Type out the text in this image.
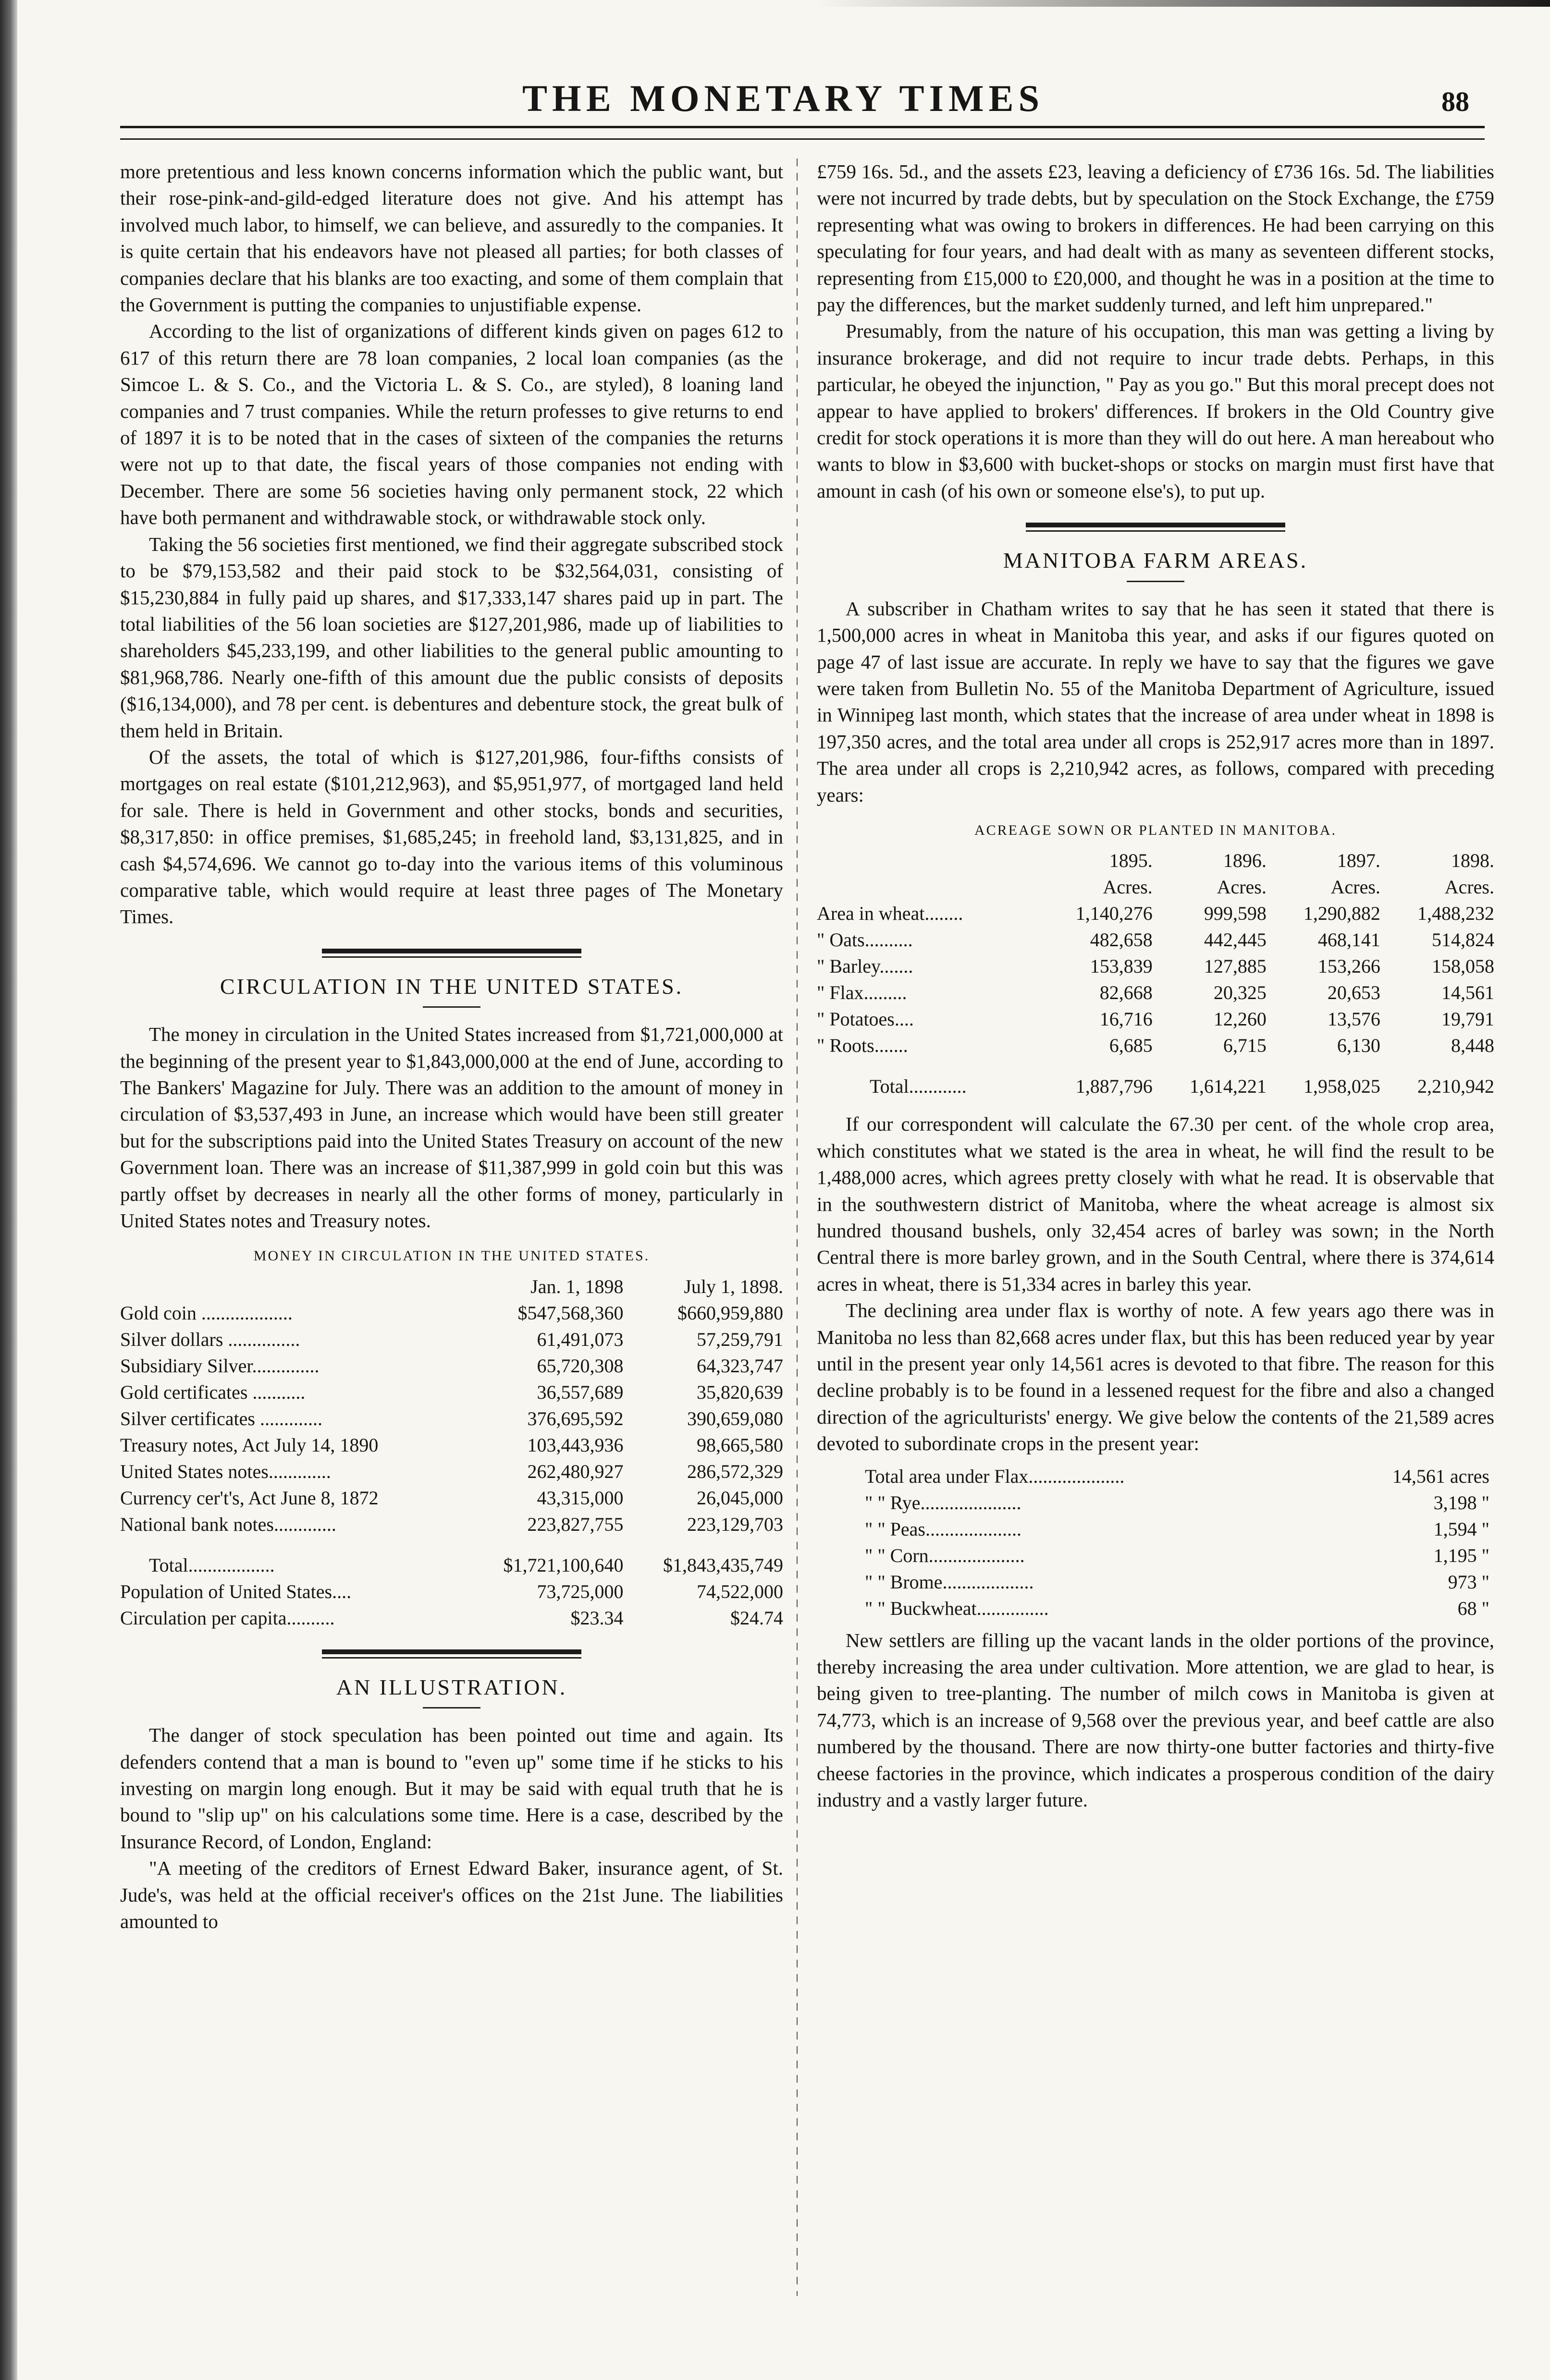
THE MONETARY TIMES	88

more pretentious and less known concerns information which the public want, but their rose-pink-and-gild-edged literature does not give. And his attempt has involved much labor, to himself, we can believe, and assuredly to the companies. It is quite certain that his endeavors have not pleased all parties; for both classes of companies declare that his blanks are too exacting, and some of them complain that the Government is putting the companies to unjustifiable expense.

According to the list of organizations of different kinds given on pages 612 to 617 of this return there are 78 loan companies, 2 local loan companies (as the Simcoe L. & S. Co., and the Victoria L. & S. Co., are styled), 8 loaning land companies and 7 trust companies. While the return professes to give returns to end of 1897 it is to be noted that in the cases of sixteen of the companies the returns were not up to that date, the fiscal years of those companies not ending with December. There are some 56 societies having only permanent stock, 22 which have both permanent and withdrawable stock, or withdrawable stock only.

Taking the 56 societies first mentioned, we find their aggregate subscribed stock to be $79,153,582 and their paid stock to be $32,564,031, consisting of $15,230,884 in fully paid up shares, and $17,333,147 shares paid up in part. The total liabilities of the 56 loan societies are $127,201,986, made up of liabilities to shareholders $45,233,199, and other liabilities to the general public amounting to $81,968,786. Nearly one-fifth of this amount due the public consists of deposits ($16,134,000), and 78 per cent. is debentures and debenture stock, the great bulk of them held in Britain.

Of the assets, the total of which is $127,201,986, four-fifths consists of mortgages on real estate ($101,212,963), and $5,951,977, of mortgaged land held for sale. There is held in Government and other stocks, bonds and securities, $8,317,850: in office premises, $1,685,245; in freehold land, $3,131,825, and in cash $4,574,696. We cannot go to-day into the various items of this voluminous comparative table, which would require at least three pages of The Monetary Times.

CIRCULATION IN THE UNITED STATES.

The money in circulation in the United States increased from $1,721,000,000 at the beginning of the present year to $1,843,000,000 at the end of June, according to The Bankers' Magazine for July. There was an addition to the amount of money in circulation of $3,537,493 in June, an increase which would have been still greater but for the subscriptions paid into the United States Treasury on account of the new Government loan. There was an increase of $11,387,999 in gold coin but this was partly offset by decreases in nearly all the other forms of money, particularly in United States notes and Treasury notes.

MONEY IN CIRCULATION IN THE UNITED STATES.
	Jan. 1, 1898	July 1, 1898.
Gold coin ...................	$547,568,360	$660,959,880
Silver dollars ...............	61,491,073	57,259,791
Subsidiary Silver..............	65,720,308	64,323,747
Gold certificates ...........	36,557,689	35,820,639
Silver certificates .............	376,695,592	390,659,080
Treasury notes, Act July 14, 1890	103,443,936	98,665,580
United States notes.............	262,480,927	286,572,329
Currency cer't's, Act June 8, 1872	43,315,000	26,045,000
National bank notes.............	223,827,755	223,129,703
Total..................	$1,721,100,640	$1,843,435,749
Population of United States....	73,725,000	74,522,000
Circulation per capita..........	$23.34	$24.74
AN ILLUSTRATION.

The danger of stock speculation has been pointed out time and again. Its defenders contend that a man is bound to "even up" some time if he sticks to his investing on margin long enough. But it may be said with equal truth that he is bound to "slip up" on his calculations some time. Here is a case, described by the Insurance Record, of London, England:

"A meeting of the creditors of Ernest Edward Baker, insurance agent, of St. Jude's, was held at the official receiver's offices on the 21st June. The liabilities amounted to

£759 16s. 5d., and the assets £23, leaving a deficiency of £736 16s. 5d. The liabilities were not incurred by trade debts, but by speculation on the Stock Exchange, the £759 representing what was owing to brokers in differences. He had been carrying on this speculating for four years, and had dealt with as many as seventeen different stocks, representing from £15,000 to £20,000, and thought he was in a position at the time to pay the differences, but the market suddenly turned, and left him unprepared."

Presumably, from the nature of his occupation, this man was getting a living by insurance brokerage, and did not require to incur trade debts. Perhaps, in this particular, he obeyed the injunction, " Pay as you go." But this moral precept does not appear to have applied to brokers' differences. If brokers in the Old Country give credit for stock operations it is more than they will do out here. A man hereabout who wants to blow in $3,600 with bucket-shops or stocks on margin must first have that amount in cash (of his own or someone else's), to put up.

MANITOBA FARM AREAS.

A subscriber in Chatham writes to say that he has seen it stated that there is 1,500,000 acres in wheat in Manitoba this year, and asks if our figures quoted on page 47 of last issue are accurate. In reply we have to say that the figures we gave were taken from Bulletin No. 55 of the Manitoba Department of Agriculture, issued in Winnipeg last month, which states that the increase of area under wheat in 1898 is 197,350 acres, and the total area under all crops is 252,917 acres more than in 1897. The area under all crops is 2,210,942 acres, as follows, compared with preceding years:

ACREAGE SOWN OR PLANTED IN MANITOBA.
	1895.	1896.	1897.	1898.
	Acres.	Acres.	Acres.	Acres.
Area in wheat........	1,140,276	999,598	1,290,882	1,488,232
" Oats..........	482,658	442,445	468,141	514,824
" Barley.......	153,839	127,885	153,266	158,058
" Flax.........	82,668	20,325	20,653	14,561
" Potatoes....	16,716	12,260	13,576	19,791
" Roots.......	6,685	6,715	6,130	8,448
Total............	1,887,796	1,614,221	1,958,025	2,210,942

If our correspondent will calculate the 67.30 per cent. of the whole crop area, which constitutes what we stated is the area in wheat, he will find the result to be 1,488,000 acres, which agrees pretty closely with what he read. It is observable that in the southwestern district of Manitoba, where the wheat acreage is almost six hundred thousand bushels, only 32,454 acres of barley was sown; in the North Central there is more barley grown, and in the South Central, where there is 374,614 acres in wheat, there is 51,334 acres in barley this year.

The declining area under flax is worthy of note. A few years ago there was in Manitoba no less than 82,668 acres under flax, but this has been reduced year by year until in the present year only 14,561 acres is devoted to that fibre. The reason for this decline probably is to be found in a lessened request for the fibre and also a changed direction of the agriculturists' energy. We give below the contents of the 21,589 acres devoted to subordinate crops in the present year:

Total area under Flax....................	14,561 acres
" " Rye.....................	3,198 "
" " Peas....................	1,594 "
" " Corn....................	1,195 "
" " Brome...................	973 "
" " Buckwheat...............	68 "

New settlers are filling up the vacant lands in the older portions of the province, thereby increasing the area under cultivation. More attention, we are glad to hear, is being given to tree-planting. The number of milch cows in Manitoba is given at 74,773, which is an increase of 9,568 over the previous year, and beef cattle are also numbered by the thousand. There are now thirty-one butter factories and thirty-five cheese factories in the province, which indicates a prosperous condition of the dairy industry and a vastly larger future.
